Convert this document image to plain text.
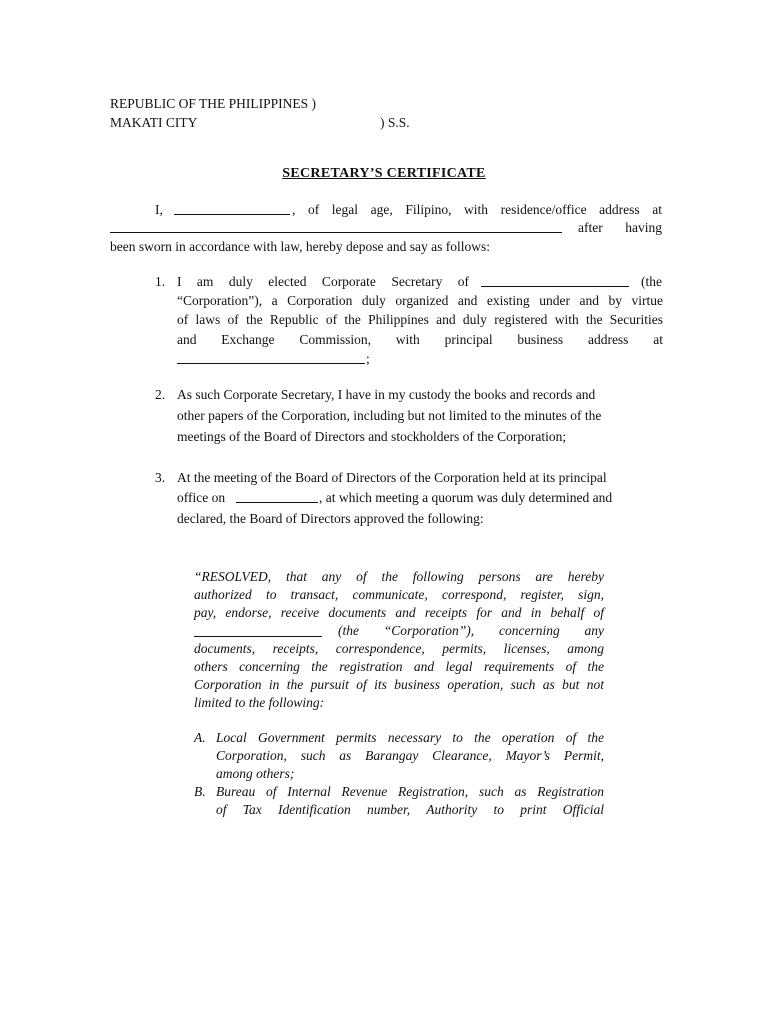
REPUBLIC OF THE PHILIPPINES )
MAKATI CITY	) S.S.
SECRETARY’S CERTIFICATE
I,	, of legal age, Filipino, with residence/office address at
after having
been sworn in accordance with law, hereby depose and say as follows:
1. I am duly elected Corporate Secretary of	(the
“Corporation”), a Corporation duly organized and existing under and by virtue
of laws of the Republic of the Philippines and duly registered with the Securities
and Exchange Commission, with principal business address at
;
2. As such Corporate Secretary, I have in my custody the books and records and
other papers of the Corporation, including but not limited to the minutes of the
meetings of the Board of Directors and stockholders of the Corporation;
3. At the meeting of the Board of Directors of the Corporation held at its principal
office on	, at which meeting a quorum was duly determined and
declared, the Board of Directors approved the following:
“RESOLVED, that any of the following persons are hereby
authorized to transact, communicate, correspond, register, sign,
pay, endorse, receive documents and receipts for and in behalf of
(the “Corporation”), concerning any
documents, receipts, correspondence, permits, licenses, among
others concerning the registration and legal requirements of the
Corporation in the pursuit of its business operation, such as but not
limited to the following:
A. Local Government permits necessary to the operation of the
Corporation, such as Barangay Clearance, Mayor’s Permit,
among others;
B. Bureau of Internal Revenue Registration, such as Registration
of Tax Identification number, Authority to print Official
